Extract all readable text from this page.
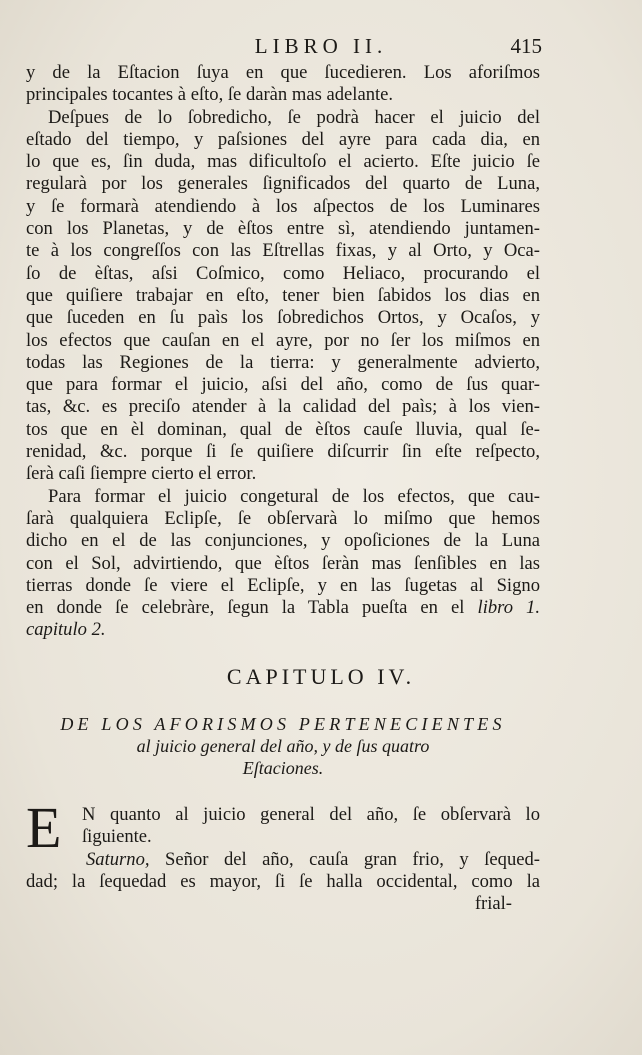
LIBRO II.	415
y de la Eſtacion ſuya en que ſucedieren. Los aforiſmos
principales tocantes à eſto, ſe daràn mas adelante.
Deſpues de lo ſobredicho, ſe podrà hacer el juicio del
eſtado del tiempo, y paſsiones del ayre para cada dia, en
lo que es, ſin duda, mas dificultoſo el acierto. Eſte juicio ſe
regularà por los generales ſignificados del quarto de Luna,
y ſe formarà atendiendo à los aſpectos de los Luminares
con los Planetas, y de èſtos entre sì, atendiendo juntamen-
te à los congreſſos con las Eſtrellas fixas, y al Orto, y Oca-
ſo de èſtas, aſsi Coſmico, como Heliaco, procurando el
que quiſiere trabajar en eſto, tener bien ſabidos los dias en
que ſuceden en ſu paìs los ſobredichos Ortos, y Ocaſos, y
los efectos que cauſan en el ayre, por no ſer los miſmos en
todas las Regiones de la tierra: y generalmente advierto,
que para formar el juicio, aſsi del año, como de ſus quar-
tas, &c. es preciſo atender à la calidad del paìs; à los vien-
tos que en èl dominan, qual de èſtos cauſe lluvia, qual ſe-
renidad, &c. porque ſi ſe quiſiere diſcurrir ſin eſte reſpecto,
ſerà caſi ſiempre cierto el error.
Para formar el juicio congetural de los efectos, que cau-
ſarà qualquiera Eclipſe, ſe obſervarà lo miſmo que hemos
dicho en el de las conjunciones, y opoſiciones de la Luna
con el Sol, advirtiendo, que èſtos ſeràn mas ſenſibles en las
tierras donde ſe viere el Eclipſe, y en las ſugetas al Signo
en donde ſe celebràre, ſegun la Tabla pueſta en el libro 1.
capitulo 2.
CAPITULO IV.
DE LOS AFORISMOS PERTENECIENTES
al juicio general del año, y de ſus quatro
Eſtaciones.
E	N quanto al juicio general del año, ſe obſervarà lo
ſiguiente.
Saturno, Señor del año, cauſa gran frio, y ſequed-
dad; la ſequedad es mayor, ſi ſe halla occidental, como la
frial-
